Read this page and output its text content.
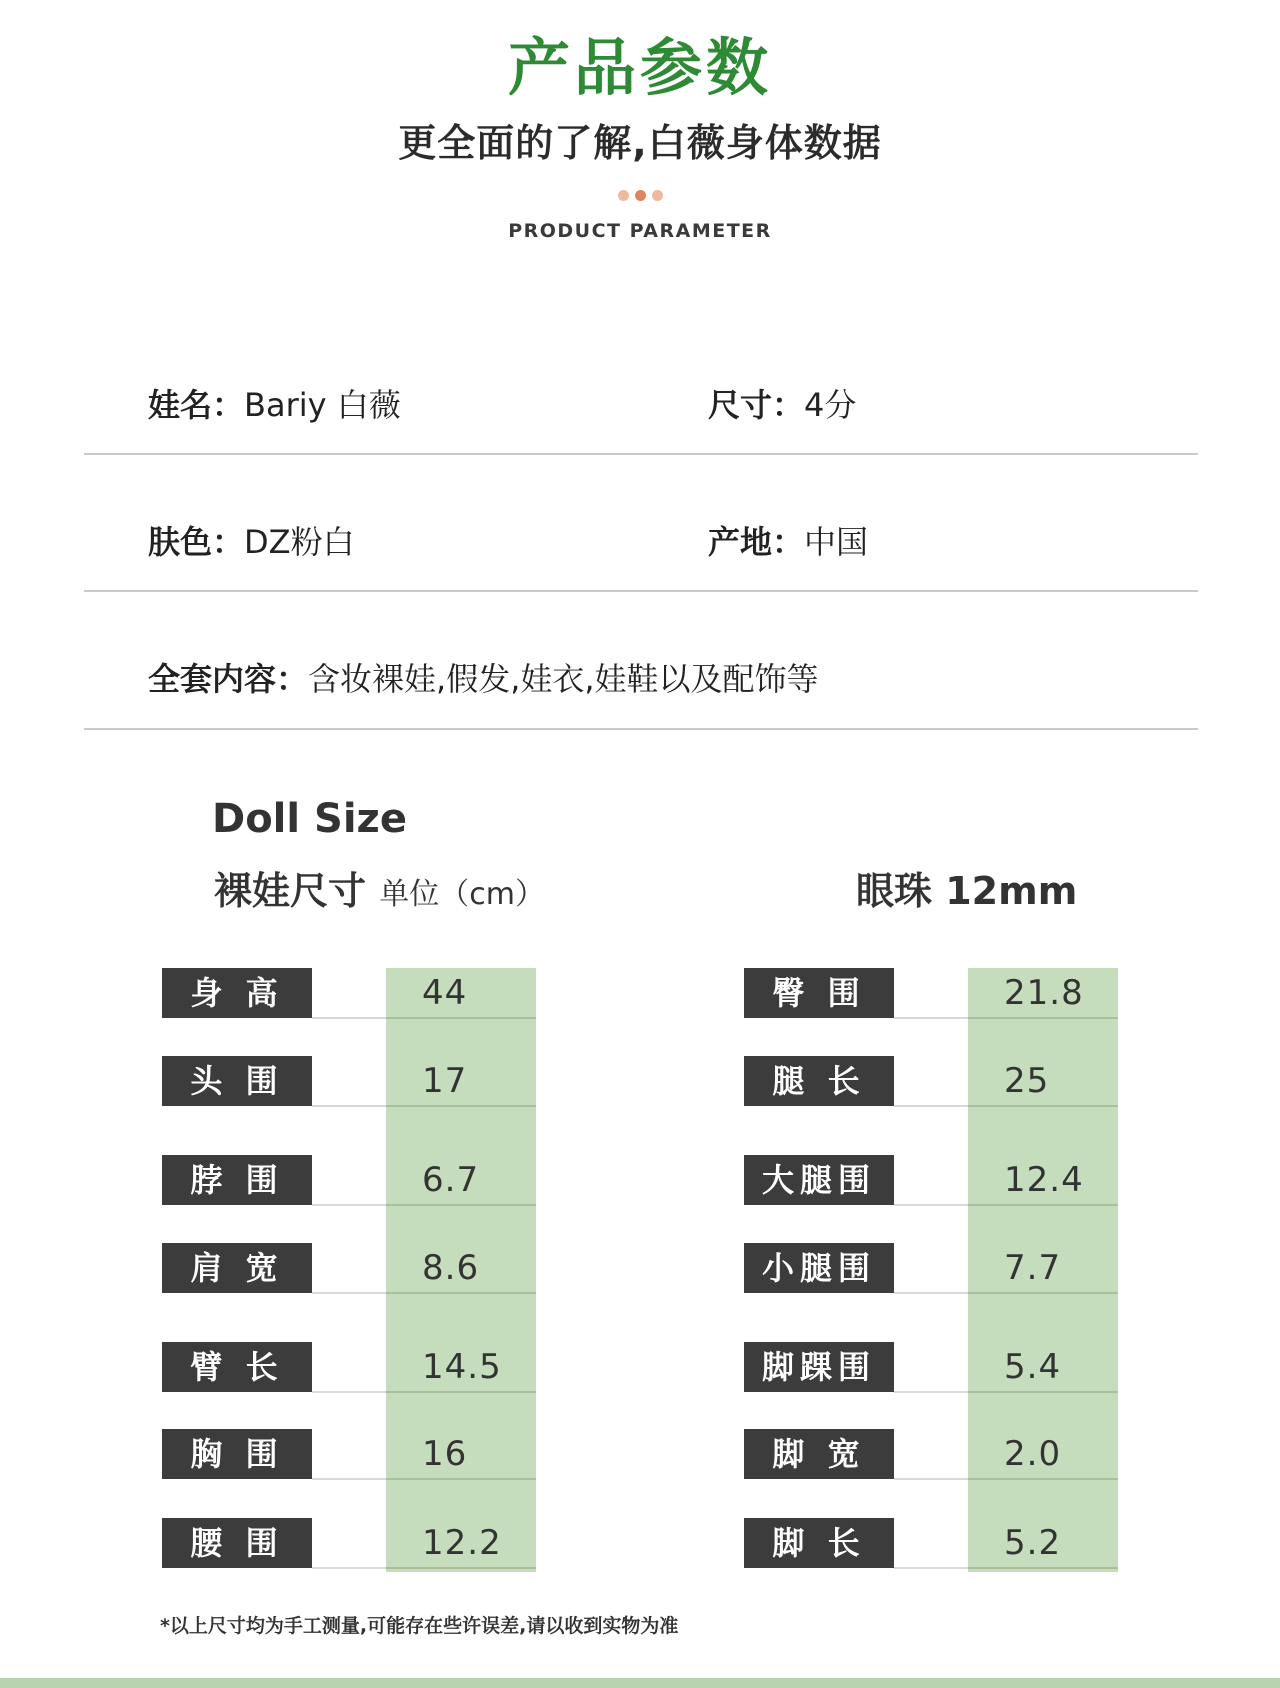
产品参数
更全面的了解,白薇身体数据
PRODUCT PARAMETER
娃名：Bariy 白薇	尺寸：4分
肤色：DZ粉白	产地：中国
全套内容：含妆裸娃,假发,娃衣,娃鞋以及配饰等
Doll Size
裸娃尺寸 单位（cm）	眼珠 12mm
身 高	44
头 围	17
脖 围	6.7
肩 宽	8.6
臂 长	14.5
胸 围	16
腰 围	12.2
臀 围	21.8
腿 长	25
大腿围	12.4
小腿围	7.7
脚踝围	5.4
脚 宽	2.0
脚 长	5.2
*以上尺寸均为手工测量,可能存在些许误差,请以收到实物为准
